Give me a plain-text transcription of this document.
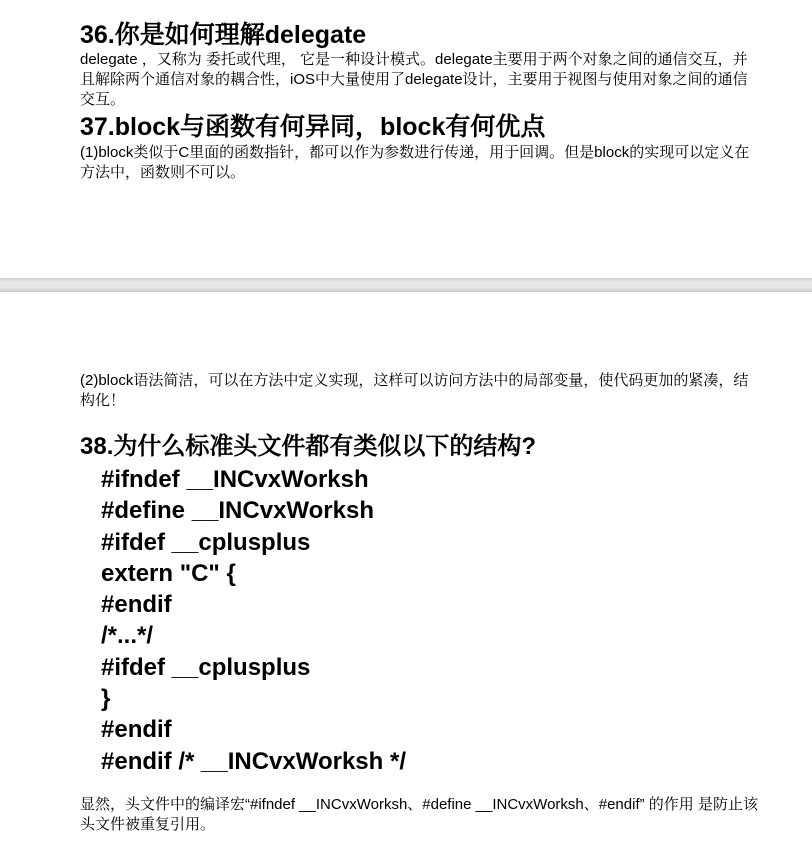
36.你是如何理解delegate
delegate ，又称为 委托或代理， 它是一种设计模式。delegate主要用于两个对象之间的通信交互，并且解除两个通信对象的耦合性，iOS中大量使用了delegate设计，主要用于视图与使用对象之间的通信交互。
37.block与函数有何异同，block有何优点
(1)block类似于C里面的函数指针，都可以作为参数进行传递，用于回调。但是block的实现可以定义在方法中，函数则不可以。
(2)block语法简洁，可以在方法中定义实现，这样可以访问方法中的局部变量，使代码更加的紧凑，结构化！
38.为什么标准头文件都有类似以下的结构?
#ifndef __INCvxWorksh
#define __INCvxWorksh
#ifdef __cplusplus
extern "C" {
#endif
/*...*/
#ifdef __cplusplus
}
#endif
#endif /* __INCvxWorksh */
显然，头文件中的编译宏“#ifndef __INCvxWorksh、#define __INCvxWorksh、#endif” 的作用 是防止该头文件被重复引用。
